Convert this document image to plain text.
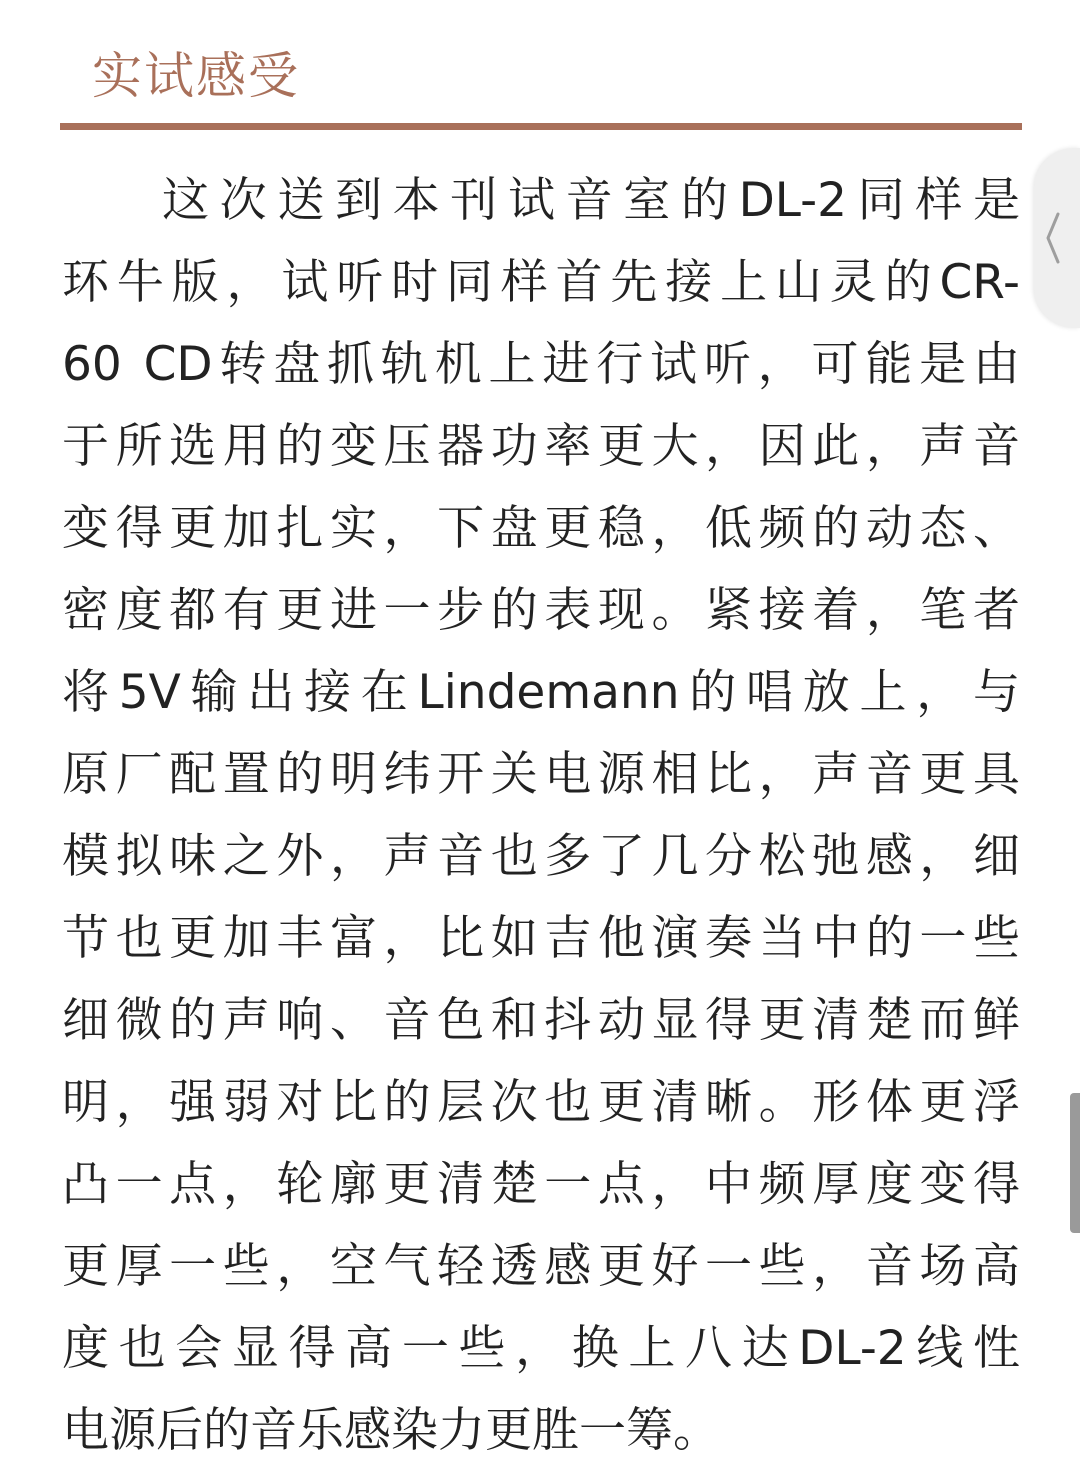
实试感受
这次送到本刊试音室的DL-2同样是
环牛版，试听时同样首先接上山灵的CR-
60 CD转盘抓轨机上进行试听，可能是由
于所选用的变压器功率更大，因此，声音
变得更加扎实，下盘更稳，低频的动态、
密度都有更进一步的表现。紧接着，笔者
将5V输出接在Lindemann的唱放上，与
原厂配置的明纬开关电源相比，声音更具
模拟味之外，声音也多了几分松弛感，细
节也更加丰富，比如吉他演奏当中的一些
细微的声响、音色和抖动显得更清楚而鲜
明，强弱对比的层次也更清晰。形体更浮
凸一点，轮廓更清楚一点，中频厚度变得
更厚一些，空气轻透感更好一些，音场高
度也会显得高一些，换上八达DL-2线性
电源后的音乐感染力更胜一筹。
